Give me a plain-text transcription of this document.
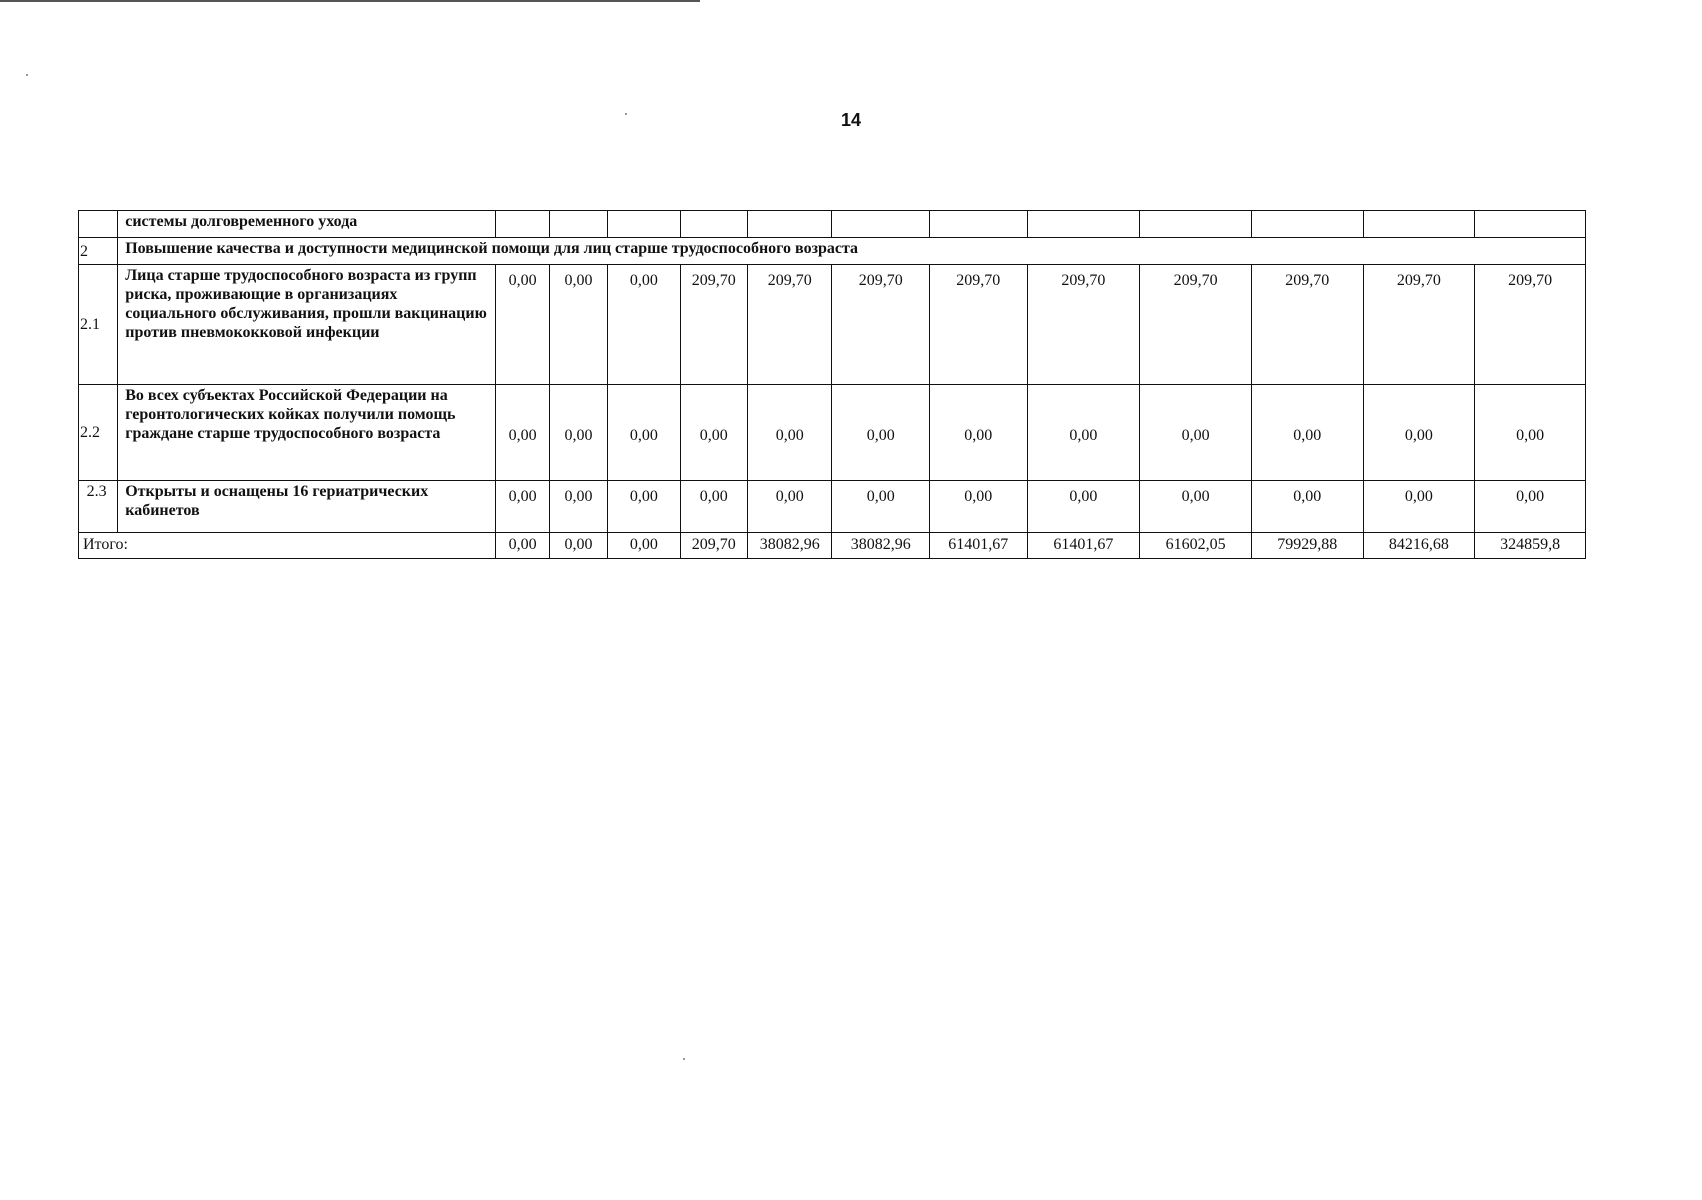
14
	системы долговременного ухода												
2	Повышение качества и доступности медицинской помощи для лиц старше трудоспособного возраста												
2.1	Лица старше трудоспособного возраста из групп риска, проживающие в организациях социального обслуживания, прошли вакцинацию против пневмококковой инфекции	0,00	0,00	0,00	209,70	209,70	209,70	209,70	209,70	209,70	209,70	209,70	209,70
2.2	Во всех субъектах Российской Федерации на геронтологических койках получили помощь граждане старше трудоспособного возраста	0,00	0,00	0,00	0,00	0,00	0,00	0,00	0,00	0,00	0,00	0,00	0,00
2.3	Открыты и оснащены 16 гериатрических кабинетов	0,00	0,00	0,00	0,00	0,00	0,00	0,00	0,00	0,00	0,00	0,00	0,00
Итого:		0,00	0,00	0,00	209,70	38082,96	38082,96	61401,67	61401,67	61602,05	79929,88	84216,68	324859,8
